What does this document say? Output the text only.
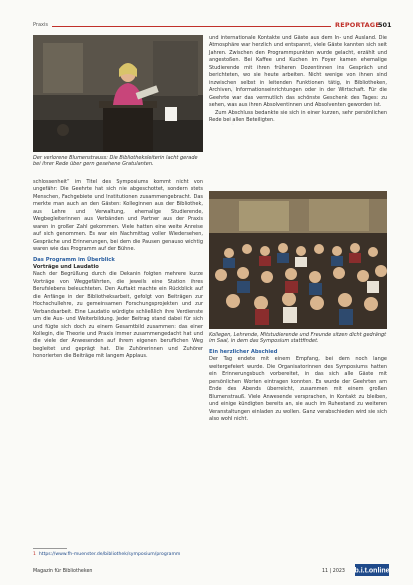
Praxis	REPORTAGE
501
Foto: Markus Horninger
Der verlorene Blumenstrauss: Die Bibliotheksleiterin lacht gerade bei ihrer Rede über gern gesehene Gratulanten.

schlossenheit“ im Titel des Symposiums kommt nicht von ungefähr: Die Geehrte hat sich nie abgeschottet, sondern stets Menschen, Fachgebiete und Institutionen zusammengebracht. Das merkte man auch an den Gästen: Kolleginnen aus der Bibliothek, aus Lehre und Verwaltung, ehemalige Studierende, Wegbegleiterinnen aus Verbänden und Partner aus der Praxis waren in großer Zahl gekommen. Viele hatten eine weite Anreise auf sich genommen. Es war ein Nachmittag voller Wiedersehen, Gespräche und Erinnerungen, bei dem die Pausen genauso wichtig waren wie das Programm auf der Bühne.

Das Programm im Überblick
Vorträge und Laudatio

Nach der Begrüßung durch die Dekanin folgten mehrere kurze Vorträge von Weggefährten, die jeweils eine Station ihres Berufslebens beleuchteten. Den Auftakt machte ein Rückblick auf die Anfänge in der Bibliotheksarbeit, gefolgt von Beiträgen zur Hochschullehre, zu gemeinsamen Forschungsprojekten und zur Verbandsarbeit. Eine Laudatio würdigte schließlich ihre Verdienste um die Aus- und Weiterbildung. Jeder Beitrag stand dabei für sich und fügte sich doch zu einem Gesamtbild zusammen: das einer Kollegin, die Theorie und Praxis immer zusammengedacht hat und die viele der Anwesenden auf ihrem eigenen beruflichen Weg begleitet und geprägt hat. Die Zuhörerinnen und Zuhörer honorierten die Beiträge mit langem Applaus.

und internationale Kontakte und Gäste aus dem In- und Ausland. Die Atmosphäre war herzlich und entspannt, viele Gäste kannten sich seit Jahren. Zwischen den Programmpunkten wurde gelacht, erzählt und angestoßen. Bei Kaffee und Kuchen im Foyer kamen ehemalige Studierende mit ihren früheren Dozentinnen ins Gespräch und berichteten, wo sie heute arbeiten. Nicht wenige von ihnen sind inzwischen selbst in leitenden Funktionen tätig, in Bibliotheken, Archiven, Informationseinrichtungen oder in der Wirtschaft. Für die Geehrte war das vermutlich das schönste Geschenk des Tages: zu sehen, was aus ihren Absolventinnen und Absolventen geworden ist.

Zum Abschluss bedankte sie sich in einer kurzen, sehr persönlichen Rede bei allen Beteiligten.

Kollegen, Lehrende, Mitstudierende und Freunde sitzen dicht gedrängt im Saal, in dem das Symposium stattfindet.
Ein herzlicher Abschied

Der Tag endete mit einem Empfang, bei dem noch lange weitergefeiert wurde. Die Organisatorinnen des Symposiums hatten ein Erinnerungsbuch vorbereitet, in das sich alle Gäste mit persönlichen Worten eintragen konnten. Es wurde der Geehrten am Ende des Abends überreicht, zusammen mit einem großen Blumenstrauß. Viele Anwesende versprachen, in Kontakt zu bleiben, und einige kündigten bereits an, sie auch im Ruhestand zu weiteren Veranstaltungen einladen zu wollen. Ganz verabschieden wird sie sich also wohl nicht.

1 https://www.fh-muenster.de/bibliothek/symposium/programm
Magazin für Bibliotheken	11 | 2023 b.i.t.online
